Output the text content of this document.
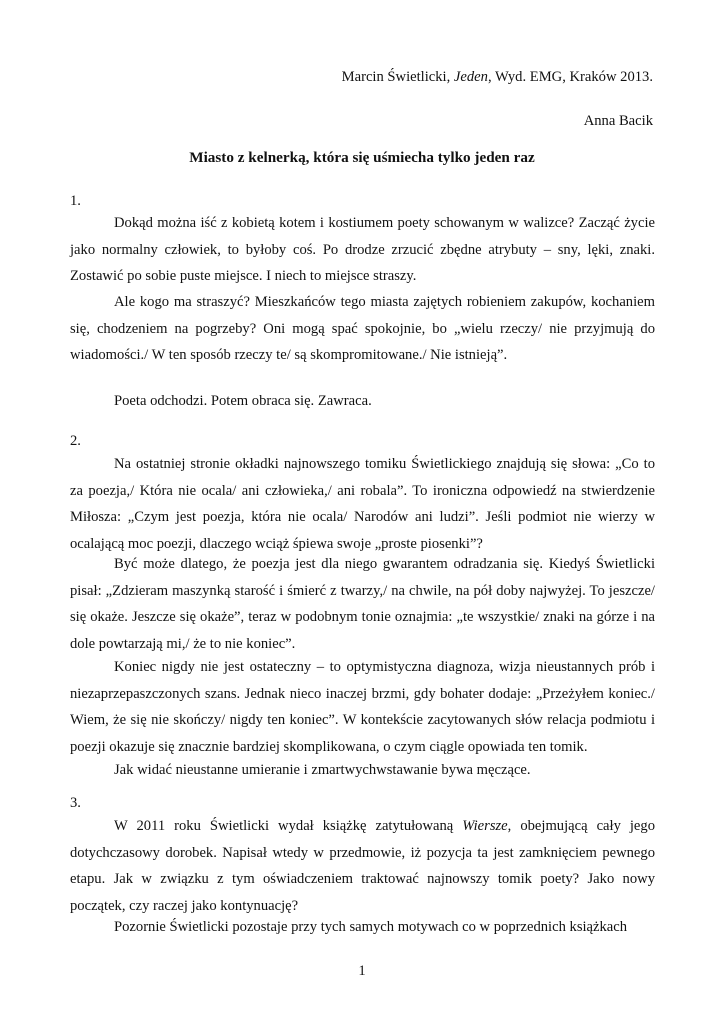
Marcin Świetlicki, Jeden, Wyd. EMG, Kraków 2013.
Anna Bacik
Miasto z kelnerką, która się uśmiecha tylko jeden raz
1.

Dokąd można iść z kobietą kotem i kostiumem poety schowanym w walizce? Zacząć życie jako normalny człowiek, to byłoby coś. Po drodze zrzucić zbędne atrybuty – sny, lęki, znaki. Zostawić po sobie puste miejsce. I niech to miejsce straszy.

Ale kogo ma straszyć? Mieszkańców tego miasta zajętych robieniem zakupów, kochaniem się, chodzeniem na pogrzeby? Oni mogą spać spokojnie, bo „wielu rzeczy/ nie przyjmują do wiadomości./ W ten sposób rzeczy te/ są skompromitowane./ Nie istnieją”.

Poeta odchodzi. Potem obraca się. Zawraca.
2.

Na ostatniej stronie okładki najnowszego tomiku Świetlickiego znajdują się słowa: „Co to za poezja,/ Która nie ocala/ ani człowieka,/ ani robala”. To ironiczna odpowiedź na stwierdzenie Miłosza: „Czym jest poezja, która nie ocala/ Narodów ani ludzi”. Jeśli podmiot nie wierzy w ocalającą moc poezji, dlaczego wciąż śpiewa swoje „proste piosenki”?

Być może dlatego, że poezja jest dla niego gwarantem odradzania się. Kiedyś Świetlicki pisał: „Zdzieram maszynką starość i śmierć z twarzy,/ na chwile, na pół doby najwyżej. To jeszcze/ się okaże. Jeszcze się okaże”, teraz w podobnym tonie oznajmia: „te wszystkie/ znaki na górze i na dole powtarzają mi,/ że to nie koniec”.

Koniec nigdy nie jest ostateczny – to optymistyczna diagnoza, wizja nieustannych prób i niezaprzepaszczonych szans. Jednak nieco inaczej brzmi, gdy bohater dodaje: „Przeżyłem koniec./ Wiem, że się nie skończy/ nigdy ten koniec”. W kontekście zacytowanych słów relacja podmiotu i poezji okazuje się znacznie bardziej skomplikowana, o czym ciągle opowiada ten tomik.

Jak widać nieustanne umieranie i zmartwychwstawanie bywa męczące.

3.

W 2011 roku Świetlicki wydał książkę zatytułowaną Wiersze, obejmującą cały jego dotychczasowy dorobek. Napisał wtedy w przedmowie, iż pozycja ta jest zamknięciem pewnego etapu. Jak w związku z tym oświadczeniem traktować najnowszy tomik poety? Jako nowy początek, czy raczej jako kontynuację?

Pozornie Świetlicki pozostaje przy tych samych motywach co w poprzednich książkach

1
